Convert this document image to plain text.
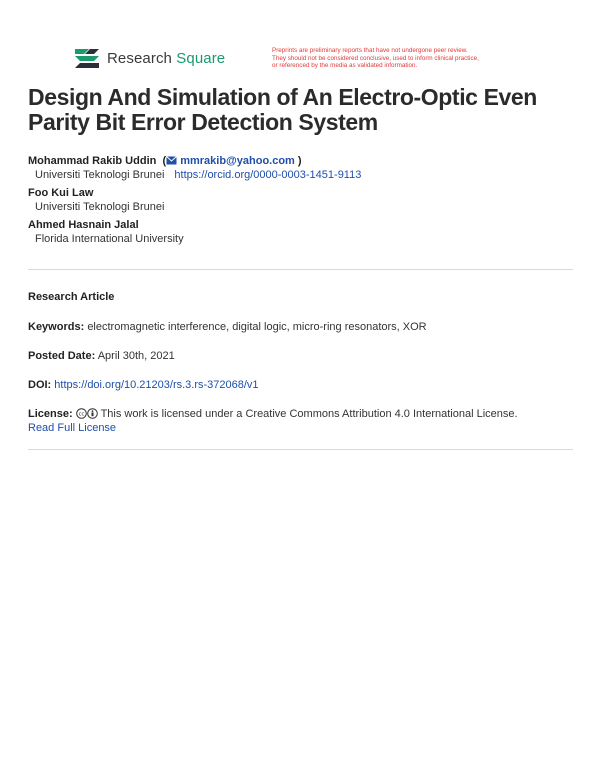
Research Square	Preprints are preliminary reports that have not undergone peer review.
They should not be considered conclusive, used to inform clinical practice,
or referenced by the media as validated information.
Design And Simulation of An Electro-Optic Even Parity Bit Error Detection System
Mohammad Rakib Uddin  ( mmrakib@yahoo.com )
Universiti Teknologi Brunei https://orcid.org/0000-0003-1451-9113
Foo Kui Law
Universiti Teknologi Brunei
Ahmed Hasnain Jalal
Florida International University
Research Article
Keywords: electromagnetic interference, digital logic, micro-ring resonators, XOR
Posted Date: April 30th, 2021
DOI: https://doi.org/10.21203/rs.3.rs-372068/v1
License: cc This work is licensed under a Creative Commons Attribution 4.0 International License.
Read Full License
